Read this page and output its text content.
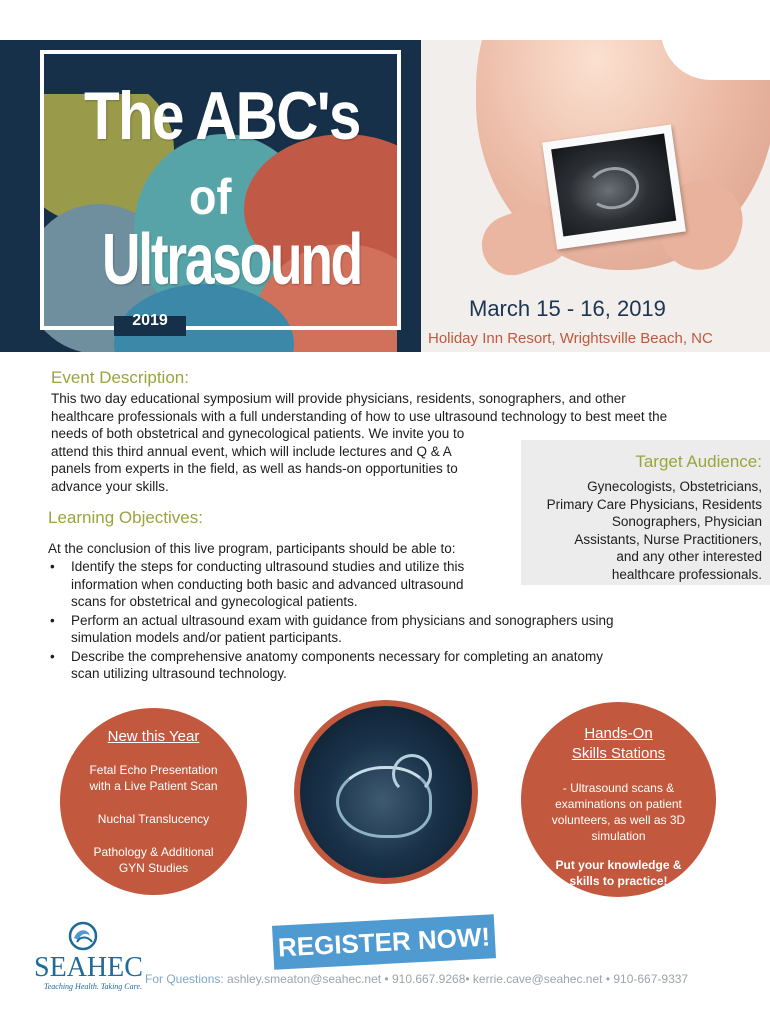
The ABC's
of
Ultrasound
2019	March 15 - 16, 2019
Holiday Inn Resort, Wrightsville Beach, NC
Event Description:
This two day educational symposium will provide physicians, residents, sonographers, and other
healthcare professionals with a full understanding of how to use ultrasound technology to best meet the
needs of both obstetrical and gynecological patients. We invite you to
attend this third annual event, which will include lectures and Q & A
panels from experts in the field, as well as hands-on opportunities to
advance your skills.
Target Audience:
Gynecologists, Obstetricians,
Primary Care Physicians, Residents
Sonographers, Physician
Assistants, Nurse Practitioners,
and any other interested
healthcare professionals.
Learning Objectives:
At the conclusion of this live program, participants should be able to:
• Identify the steps for conducting ultrasound studies and utilize this
information when conducting both basic and advanced ultrasound
scans for obstetrical and gynecological patients.
• Perform an actual ultrasound exam with guidance from physicians and sonographers using
simulation models and/or patient participants.
• Describe the comprehensive anatomy components necessary for completing an anatomy
scan utilizing ultrasound technology.
New this Year
Fetal Echo Presentation
with a Live Patient Scan
Nuchal Translucency
Pathology & Additional
GYN Studies
Hands-On
Skills Stations
- Ultrasound scans &
examinations on patient
volunteers, as well as 3D
simulation
Put your knowledge &
skills to practice!
SEAHEC
Teaching Health. Taking Care.
REGISTER NOW!
For Questions: ashley.smeaton@seahec.net • 910.667.9268• kerrie.cave@seahec.net • 910-667-9337
